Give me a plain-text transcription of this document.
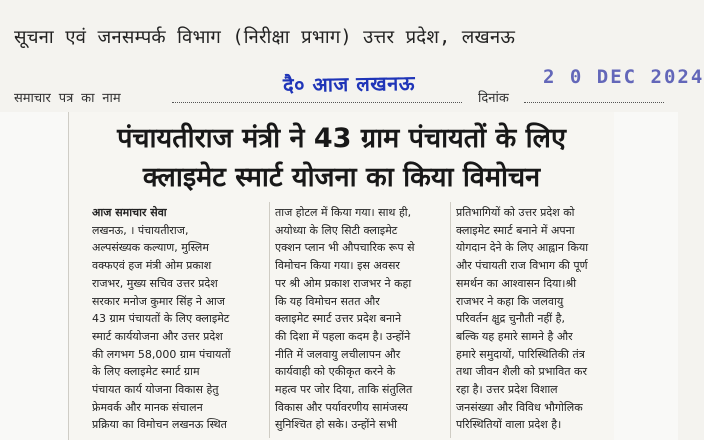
सूचना एवं जनसम्पर्क विभाग (निरीक्षा प्रभाग) उत्तर प्रदेश, लखनऊ
समाचार पत्र का नाम
दै० आज लखनऊ
दिनांक
2 0 DEC 2024
पंचायतीराज मंत्री ने 43 ग्राम पंचायतों के लिए
क्लाइमेट स्मार्ट योजना का किया विमोचन
आज समाचार सेवा
लखनऊ, । पंचायतीराज,
अल्पसंख्यक कल्याण, मुस्लिम
वक्फएवं हज मंत्री ओम प्रकाश
राजभर, मुख्य सचिव उत्तर प्रदेश
सरकार मनोज कुमार सिंह ने आज
43 ग्राम पंचायतों के लिए क्लाइमेट
स्मार्ट कार्ययोजना और उत्तर प्रदेश
की लगभग 58,000 ग्राम पंचायतों
के लिए क्लाइमेट स्मार्ट ग्राम
पंचायत कार्य योजना विकास हेतु
फ्रेमवर्क और मानक संचालन
प्रक्रिया का विमोचन लखनऊ स्थित
ताज होटल में किया गया। साथ ही,
अयोध्या के लिए सिटी क्लाइमेट
एक्शन प्लान भी औपचारिक रूप से
विमोचन किया गया। इस अवसर
पर श्री ओम प्रकाश राजभर ने कहा
कि यह विमोचन सतत और
क्लाइमेट स्मार्ट उत्तर प्रदेश बनाने
की दिशा में पहला कदम है। उन्होंने
नीति में जलवायु लचीलापन और
कार्यवाही को एकीकृत करने के
महत्व पर जोर दिया, ताकि संतुलित
विकास और पर्यावरणीय सामंजस्य
सुनिश्चित हो सके। उन्होंने सभी
प्रतिभागियों को उत्तर प्रदेश को
क्लाइमेट स्मार्ट बनाने में अपना
योगदान देने के लिए आह्वान किया
और पंचायती राज विभाग की पूर्ण
समर्थन का आश्वासन दिया।श्री
राजभर ने कहा कि जलवायु
परिवर्तन क्षुद्र चुनौती नहीं है,
बल्कि यह हमारे सामने है और
हमारे समुदायों, पारिस्थितिकी तंत्र
तथा जीवन शैली को प्रभावित कर
रहा है। उत्तर प्रदेश विशाल
जनसंख्या और विविध भौगोलिक
परिस्थितियों वाला प्रदेश है।
